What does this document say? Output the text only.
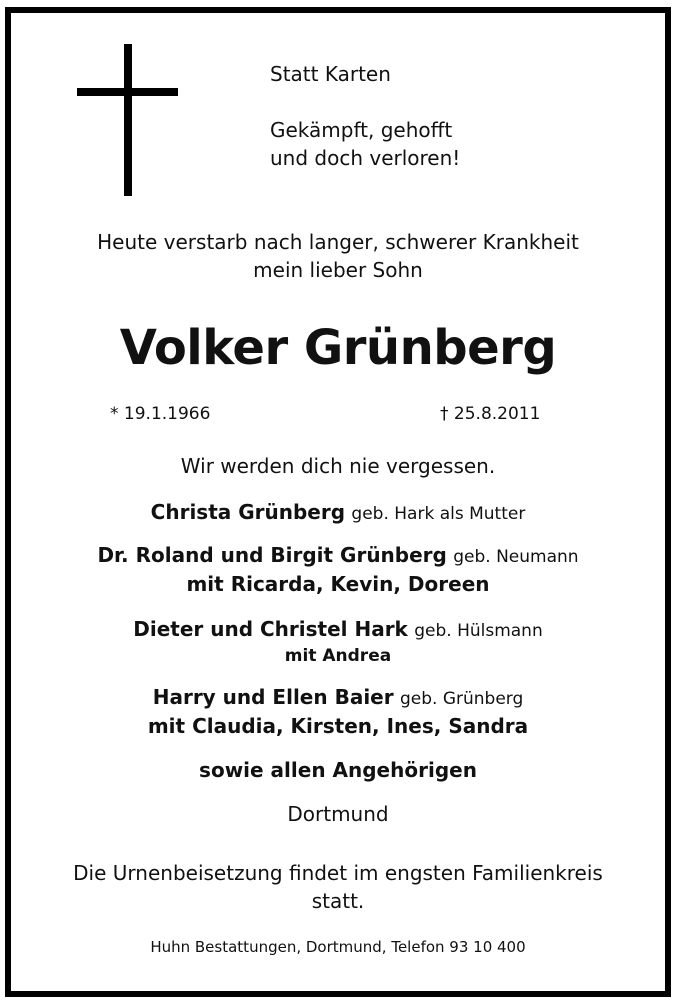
Statt Karten
Gekämpft, gehofft
und doch verloren!
Heute verstarb nach langer, schwerer Krankheit
mein lieber Sohn
Volker Grünberg
* 19.1.1966	† 25.8.2011
Wir werden dich nie vergessen.
Christa Grünberg geb. Hark als Mutter
Dr. Roland und Birgit Grünberg geb. Neumann
mit Ricarda, Kevin, Doreen
Dieter und Christel Hark geb. Hülsmann
mit Andrea
Harry und Ellen Baier geb. Grünberg
mit Claudia, Kirsten, Ines, Sandra
sowie allen Angehörigen
Dortmund
Die Urnenbeisetzung findet im engsten Familienkreis
statt.
Huhn Bestattungen, Dortmund, Telefon 93 10 400
